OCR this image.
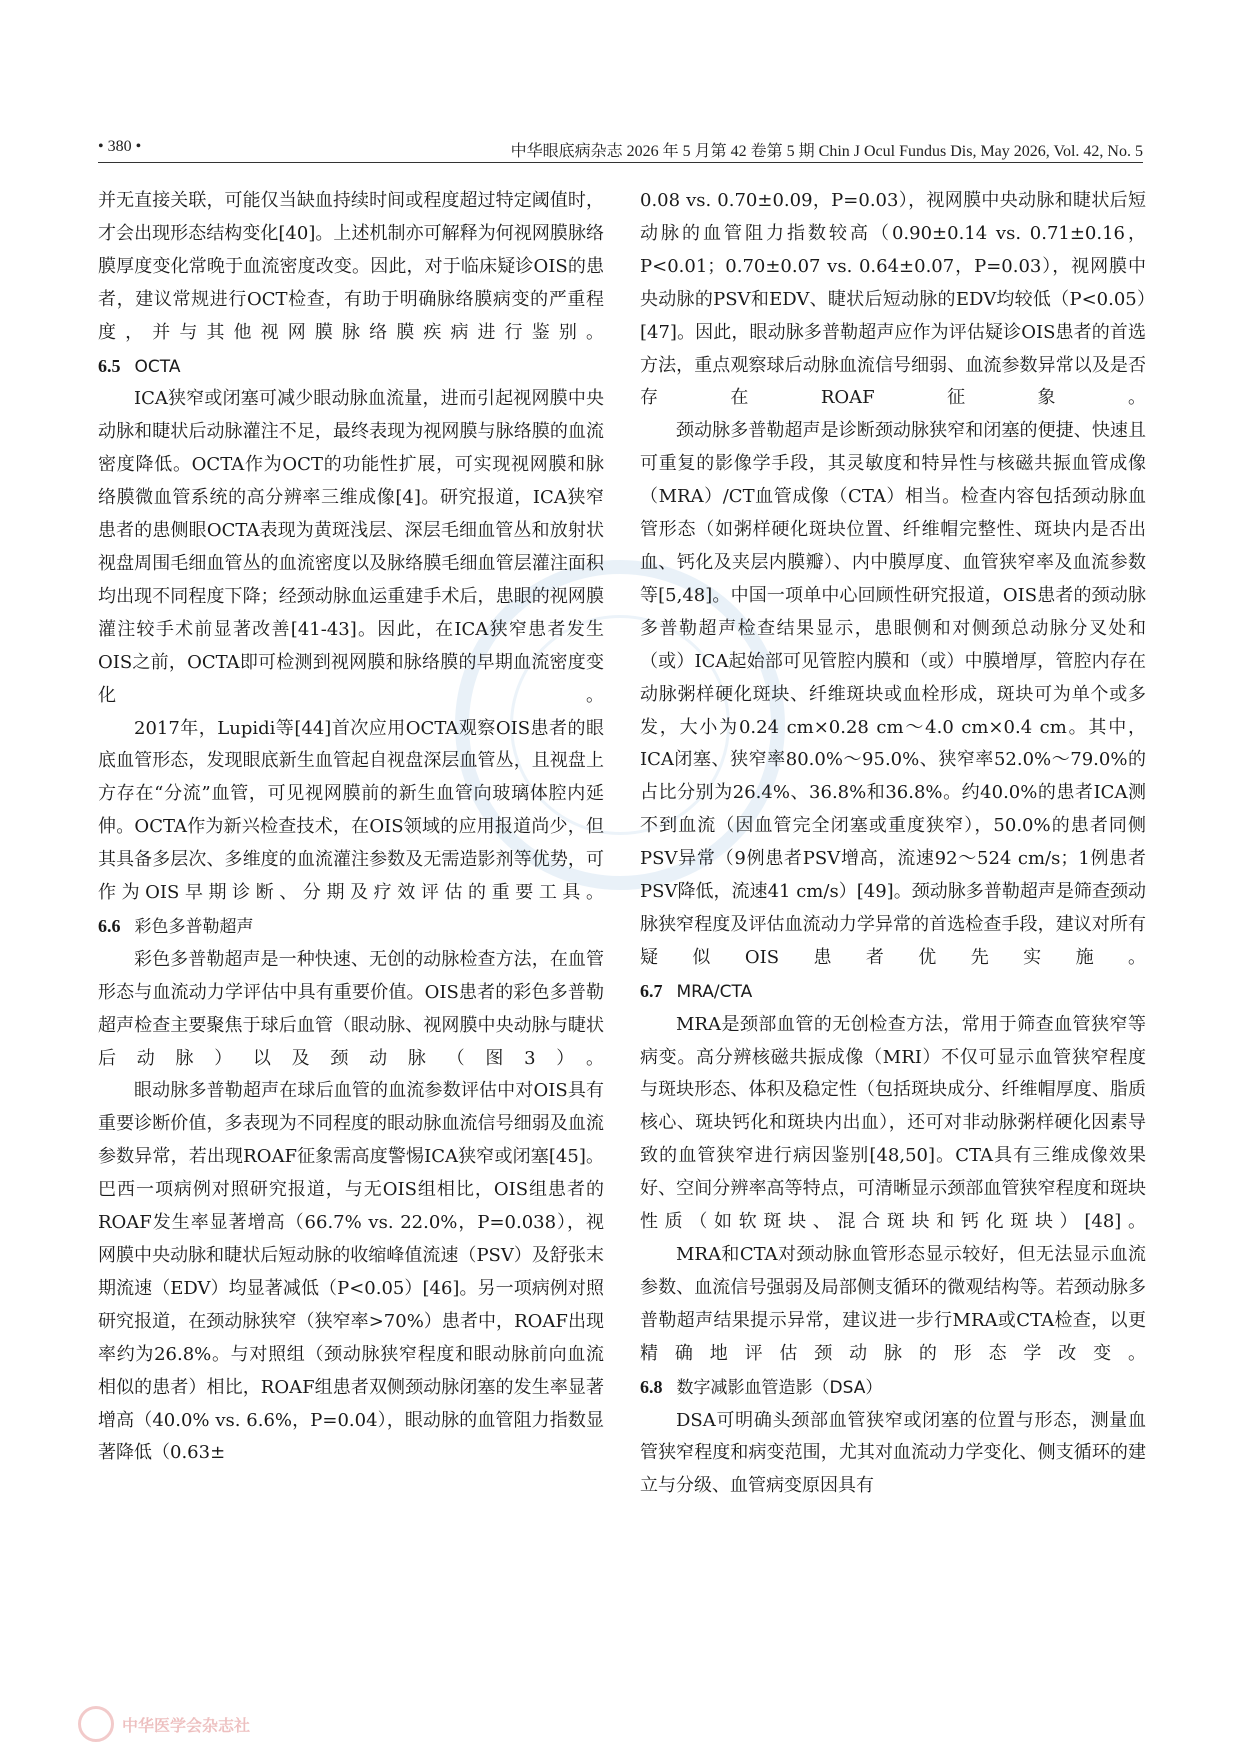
• 380 •	中华眼底病杂志 2026 年 5 月第 42 卷第 5 期 Chin J Ocul Fundus Dis, May 2026, Vol. 42, No. 5

并无直接关联，可能仅当缺血持续时间或程度超过特定阈值时，才会出现形态结构变化[40]。上述机制亦可解释为何视网膜脉络膜厚度变化常晚于血流密度改变。因此，对于临床疑诊OIS的患者，建议常规进行OCT检查，有助于明确脉络膜病变的严重程度，并与其他视网膜脉络膜疾病进行鉴别。

6.5 OCTA

ICA狭窄或闭塞可减少眼动脉血流量，进而引起视网膜中央动脉和睫状后动脉灌注不足，最终表现为视网膜与脉络膜的血流密度降低。OCTA作为OCT的功能性扩展，可实现视网膜和脉络膜微血管系统的高分辨率三维成像[4]。研究报道，ICA狭窄患者的患侧眼OCTA表现为黄斑浅层、深层毛细血管丛和放射状视盘周围毛细血管丛的血流密度以及脉络膜毛细血管层灌注面积均出现不同程度下降；经颈动脉血运重建手术后，患眼的视网膜灌注较手术前显著改善[41-43]。因此，在ICA狭窄患者发生OIS之前，OCTA即可检测到视网膜和脉络膜的早期血流密度变化。

2017年，Lupidi等[44]首次应用OCTA观察OIS患者的眼底血管形态，发现眼底新生血管起自视盘深层血管丛，且视盘上方存在“分流”血管，可见视网膜前的新生血管向玻璃体腔内延伸。OCTA作为新兴检查技术，在OIS领域的应用报道尚少，但其具备多层次、多维度的血流灌注参数及无需造影剂等优势，可作为OIS早期诊断、分期及疗效评估的重要工具。

6.6 彩色多普勒超声

彩色多普勒超声是一种快速、无创的动脉检查方法，在血管形态与血流动力学评估中具有重要价值。OIS患者的彩色多普勒超声检查主要聚焦于球后血管（眼动脉、视网膜中央动脉与睫状后动脉）以及颈动脉（图3）。

眼动脉多普勒超声在球后血管的血流参数评估中对OIS具有重要诊断价值，多表现为不同程度的眼动脉血流信号细弱及血流参数异常，若出现ROAF征象需高度警惕ICA狭窄或闭塞[45]。巴西一项病例对照研究报道，与无OIS组相比，OIS组患者的ROAF发生率显著增高（66.7% vs. 22.0%，P=0.038），视网膜中央动脉和睫状后短动脉的收缩峰值流速（PSV）及舒张末期流速（EDV）均显著减低（P<0.05）[46]。另一项病例对照研究报道，在颈动脉狭窄（狭窄率>70%）患者中，ROAF出现率约为26.8%。与对照组（颈动脉狭窄程度和眼动脉前向血流相似的患者）相比，ROAF组患者双侧颈动脉闭塞的发生率显著增高（40.0% vs. 6.6%，P=0.04），眼动脉的血管阻力指数显著降低（0.63±

0.08 vs. 0.70±0.09，P=0.03），视网膜中央动脉和睫状后短动脉的血管阻力指数较高（0.90±0.14 vs. 0.71±0.16，P<0.01；0.70±0.07 vs. 0.64±0.07，P=0.03），视网膜中央动脉的PSV和EDV、睫状后短动脉的EDV均较低（P<0.05）[47]。因此，眼动脉多普勒超声应作为评估疑诊OIS患者的首选方法，重点观察球后动脉血流信号细弱、血流参数异常以及是否存在ROAF征象。

颈动脉多普勒超声是诊断颈动脉狭窄和闭塞的便捷、快速且可重复的影像学手段，其灵敏度和特异性与核磁共振血管成像（MRA）/CT血管成像（CTA）相当。检查内容包括颈动脉血管形态（如粥样硬化斑块位置、纤维帽完整性、斑块内是否出血、钙化及夹层内膜瓣）、内中膜厚度、血管狭窄率及血流参数等[5,48]。中国一项单中心回顾性研究报道，OIS患者的颈动脉多普勒超声检查结果显示，患眼侧和对侧颈总动脉分叉处和（或）ICA起始部可见管腔内膜和（或）中膜增厚，管腔内存在动脉粥样硬化斑块、纤维斑块或血栓形成，斑块可为单个或多发，大小为0.24 cm×0.28 cm～4.0 cm×0.4 cm。其中，ICA闭塞、狭窄率80.0%～95.0%、狭窄率52.0%～79.0%的占比分别为26.4%、36.8%和36.8%。约40.0%的患者ICA测不到血流（因血管完全闭塞或重度狭窄），50.0%的患者同侧PSV异常（9例患者PSV增高，流速92～524 cm/s；1例患者PSV降低，流速41 cm/s）[49]。颈动脉多普勒超声是筛查颈动脉狭窄程度及评估血流动力学异常的首选检查手段，建议对所有疑似OIS患者优先实施。

6.7 MRA/CTA

MRA是颈部血管的无创检查方法，常用于筛查血管狭窄等病变。高分辨核磁共振成像（MRI）不仅可显示血管狭窄程度与斑块形态、体积及稳定性（包括斑块成分、纤维帽厚度、脂质核心、斑块钙化和斑块内出血），还可对非动脉粥样硬化因素导致的血管狭窄进行病因鉴别[48,50]。CTA具有三维成像效果好、空间分辨率高等特点，可清晰显示颈部血管狭窄程度和斑块性质（如软斑块、混合斑块和钙化斑块）[48]。

MRA和CTA对颈动脉血管形态显示较好，但无法显示血流参数、血流信号强弱及局部侧支循环的微观结构等。若颈动脉多普勒超声结果提示异常，建议进一步行MRA或CTA检查，以更精确地评估颈动脉的形态学改变。

6.8 数字减影血管造影（DSA）

DSA可明确头颈部血管狭窄或闭塞的位置与形态，测量血管狭窄程度和病变范围，尤其对血流动力学变化、侧支循环的建立与分级、血管病变原因具有

中华医学会杂志社
